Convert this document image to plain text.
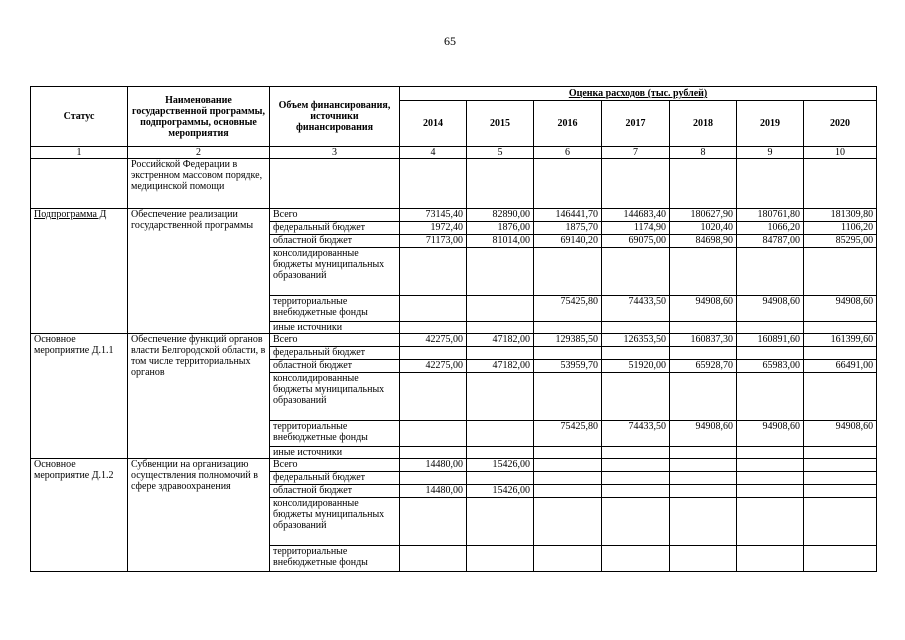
65
Статус	Наименование государственной программы, подпрограммы, основные мероприятия	Объем финансирования, источники финансирования	Оценка расходов (тыс. рублей)						
			2014	2015	2016	2017	2018	2019	2020
1	2	3	4	5	6	7	8	9	10
	Российской Федерации в экстренном массовом порядке, медицинской помощи								
Подпрограмма Д	Обеспечение реализации государственной программы	Всего	73145,40	82890,00	146441,70	144683,40	180627,90	180761,80	181309,80
		федеральный бюджет	1972,40	1876,00	1875,70	1174,90	1020,40	1066,20	1106,20
		областной бюджет	71173,00	81014,00	69140,20	69075,00	84698,90	84787,00	85295,00
		консолидированные бюджеты муниципальных образований							
		территориальные внебюджетные фонды			75425,80	74433,50	94908,60	94908,60	94908,60
		иные источники							
Основное мероприятие Д.1.1	Обеспечение функций органов власти Белгородской области, в том числе территориальных органов	Всего	42275,00	47182,00	129385,50	126353,50	160837,30	160891,60	161399,60
		федеральный бюджет							
		областной бюджет	42275,00	47182,00	53959,70	51920,00	65928,70	65983,00	66491,00
		консолидированные бюджеты муниципальных образований							
		территориальные внебюджетные фонды			75425,80	74433,50	94908,60	94908,60	94908,60
		иные источники							
Основное мероприятие Д.1.2	Субвенции на организацию осуществления полномочий в сфере здравоохранения	Всего	14480,00	15426,00					
		федеральный бюджет							
		областной бюджет	14480,00	15426,00					
		консолидированные бюджеты муниципальных образований							
		территориальные внебюджетные фонды							
